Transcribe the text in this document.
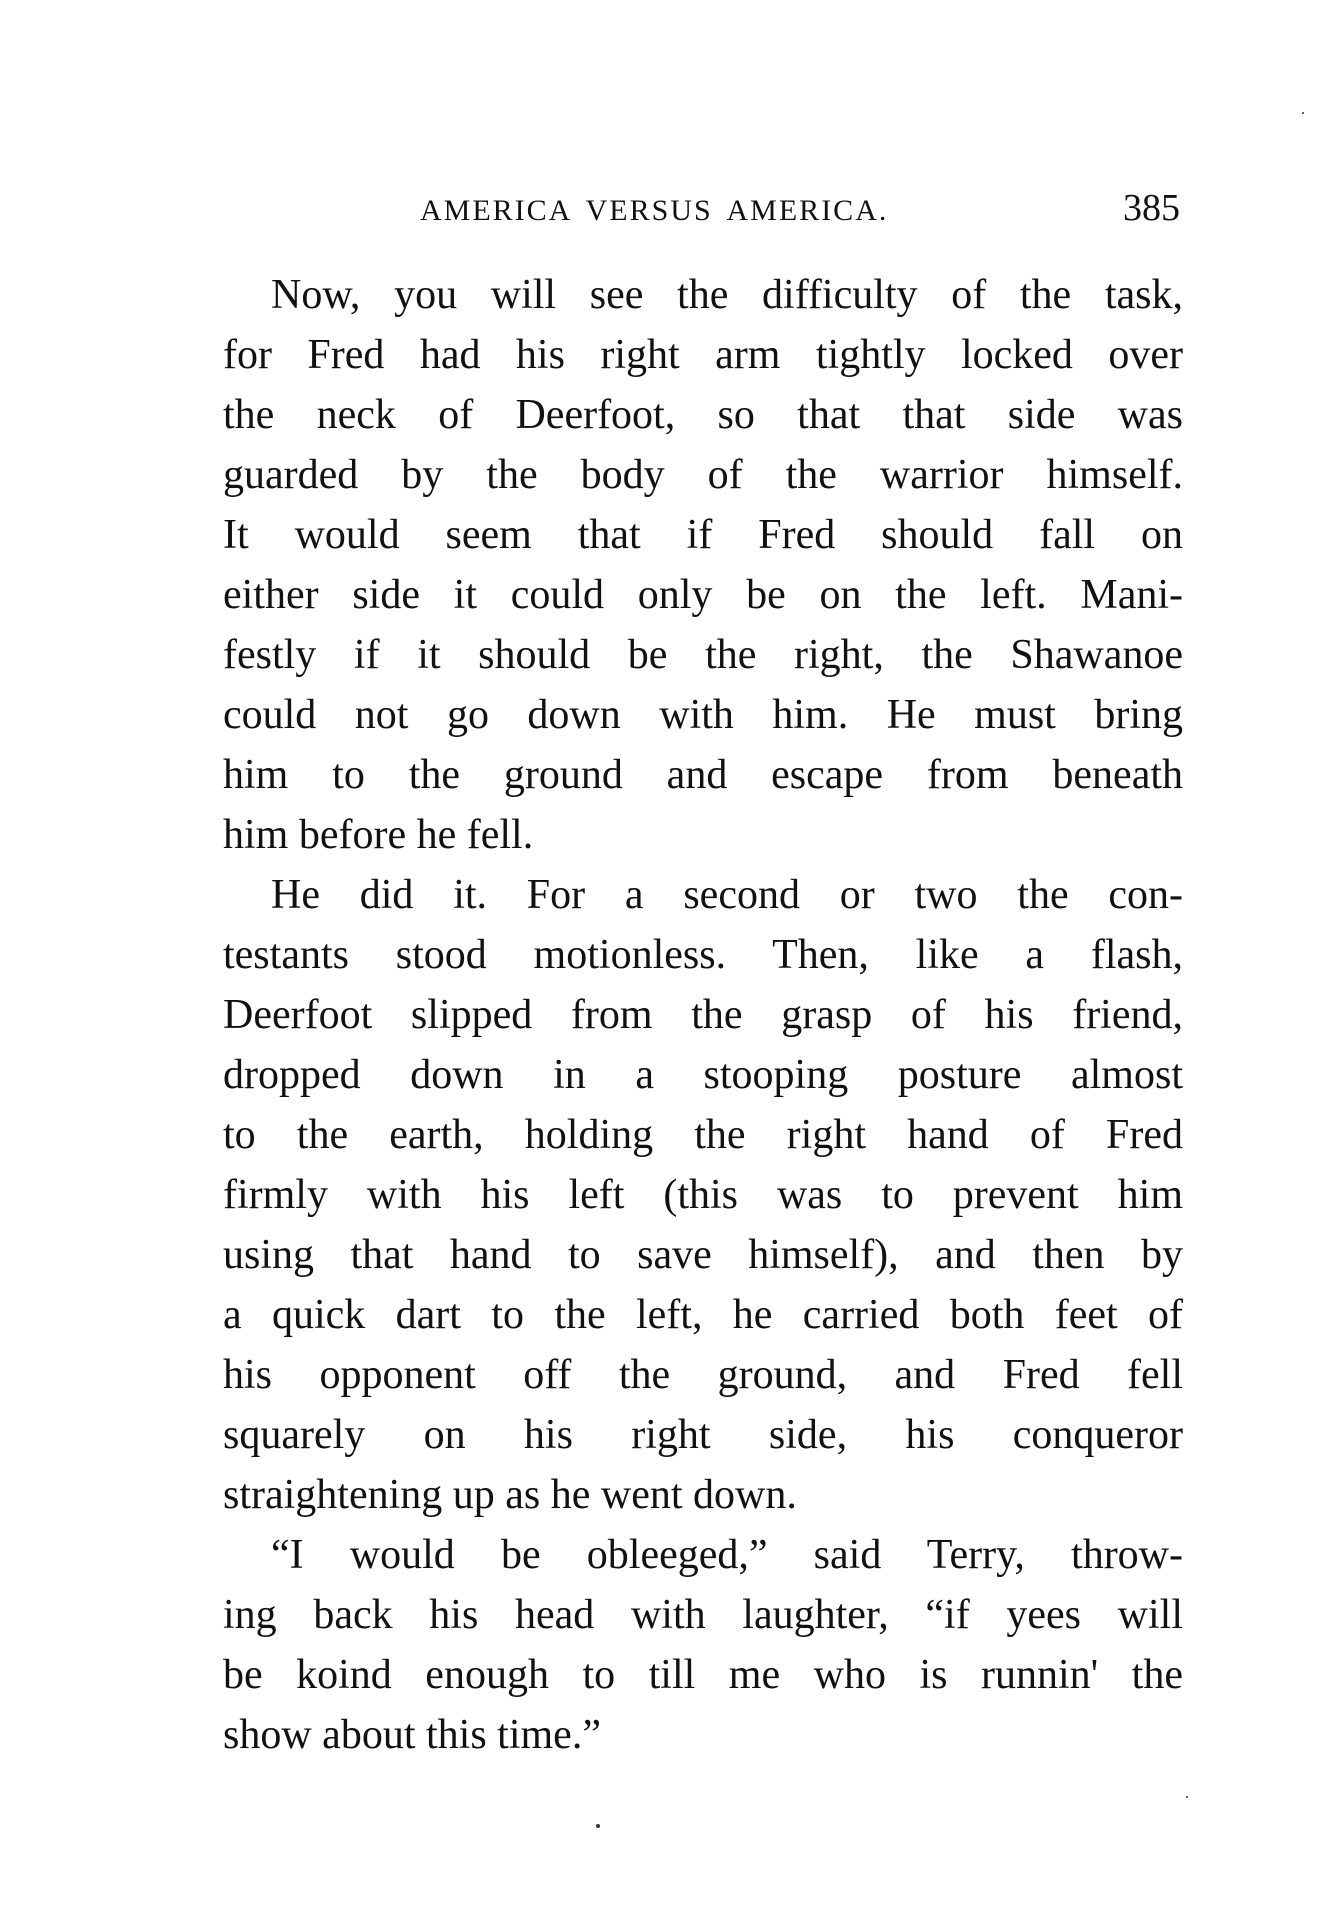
AMERICA VERSUS AMERICA.	385
Now, you will see the difficulty of the task,
for Fred had his right arm tightly locked over
the neck of Deerfoot, so that that side was
guarded by the body of the warrior himself.
It would seem that if Fred should fall on
either side it could only be on the left. Mani-
festly if it should be the right, the Shawanoe
could not go down with him. He must bring
him to the ground and escape from beneath
him before he fell.
He did it. For a second or two the con-
testants stood motionless. Then, like a flash,
Deerfoot slipped from the grasp of his friend,
dropped down in a stooping posture almost
to the earth, holding the right hand of Fred
firmly with his left (this was to prevent him
using that hand to save himself), and then by
a quick dart to the left, he carried both feet of
his opponent off the ground, and Fred fell
squarely on his right side, his conqueror
straightening up as he went down.
“I would be obleeged,” said Terry, throw-
ing back his head with laughter, “if yees will
be koind enough to till me who is runnin' the
show about this time.”
